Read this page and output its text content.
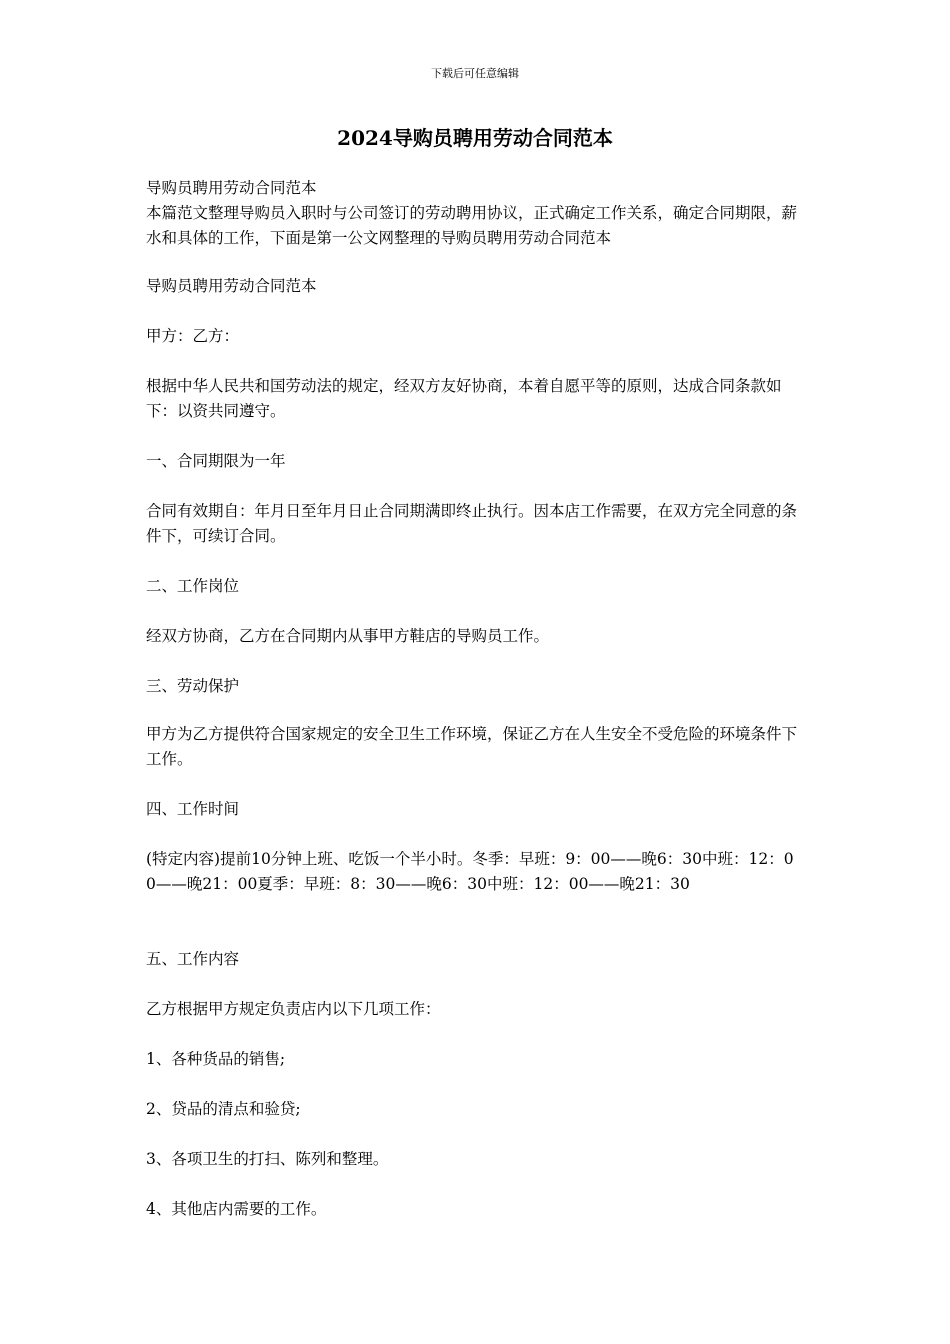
下载后可任意编辑
2024导购员聘用劳动合同范本

导购员聘用劳动合同范本

本篇范文整理导购员入职时与公司签订的劳动聘用协议，正式确定工作关系，确定合同期限，薪水和具体的工作，下面是第一公文网整理的导购员聘用劳动合同范本

导购员聘用劳动合同范本

甲方：乙方：

根据中华人民共和国劳动法的规定，经双方友好协商，本着自愿平等的原则，达成合同条款如下：以资共同遵守。

一、合同期限为一年

合同有效期自：年月日至年月日止合同期满即终止执行。因本店工作需要，在双方完全同意的条件下，可续订合同。

二、工作岗位

经双方协商，乙方在合同期内从事甲方鞋店的导购员工作。

三、劳动保护

甲方为乙方提供符合国家规定的安全卫生工作环境，保证乙方在人生安全不受危险的环境条件下工作。

四、工作时间

(特定内容)提前10分钟上班、吃饭一个半小时。冬季：早班：9：00——晚6：30中班：12：00——晚21：00夏季：早班：8：30——晚6：30中班：12：00——晚21：30

五、工作内容

乙方根据甲方规定负责店内以下几项工作：

1、各种货品的销售;

2、贷品的清点和验贷;

3、各项卫生的打扫、陈列和整理。

4、其他店内需要的工作。
